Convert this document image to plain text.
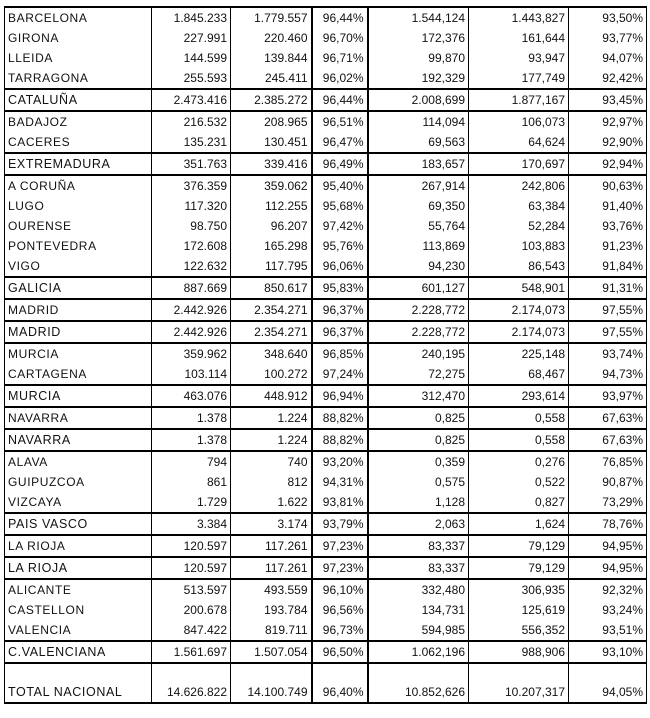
BARCELONA	1.845.233	1.779.557	96,44%	1.544,124	1.443,827	93,50%
GIRONA	227.991	220.460	96,70%	172,376	161,644	93,77%
LLEIDA	144.599	139.844	96,71%	99,870	93,947	94,07%
TARRAGONA	255.593	245.411	96,02%	192,329	177,749	92,42%
CATALUÑA	2.473.416	2.385.272	96,44%	2.008,699	1.877,167	93,45%
BADAJOZ	216.532	208.965	96,51%	114,094	106,073	92,97%
CACERES	135.231	130.451	96,47%	69,563	64,624	92,90%
EXTREMADURA	351.763	339.416	96,49%	183,657	170,697	92,94%
A CORUÑA	376.359	359.062	95,40%	267,914	242,806	90,63%
LUGO	117.320	112.255	95,68%	69,350	63,384	91,40%
OURENSE	98.750	96.207	97,42%	55,764	52,284	93,76%
PONTEVEDRA	172.608	165.298	95,76%	113,869	103,883	91,23%
VIGO	122.632	117.795	96,06%	94,230	86,543	91,84%
GALICIA	887.669	850.617	95,83%	601,127	548,901	91,31%
MADRID	2.442.926	2.354.271	96,37%	2.228,772	2.174,073	97,55%
MADRID	2.442.926	2.354.271	96,37%	2.228,772	2.174,073	97,55%
MURCIA	359.962	348.640	96,85%	240,195	225,148	93,74%
CARTAGENA	103.114	100.272	97,24%	72,275	68,467	94,73%
MURCIA	463.076	448.912	96,94%	312,470	293,614	93,97%
NAVARRA	1.378	1.224	88,82%	0,825	0,558	67,63%
NAVARRA	1.378	1.224	88,82%	0,825	0,558	67,63%
ALAVA	794	740	93,20%	0,359	0,276	76,85%
GUIPUZCOA	861	812	94,31%	0,575	0,522	90,87%
VIZCAYA	1.729	1.622	93,81%	1,128	0,827	73,29%
PAIS VASCO	3.384	3.174	93,79%	2,063	1,624	78,76%
LA RIOJA	120.597	117.261	97,23%	83,337	79,129	94,95%
LA RIOJA	120.597	117.261	97,23%	83,337	79,129	94,95%
ALICANTE	513.597	493.559	96,10%	332,480	306,935	92,32%
CASTELLON	200.678	193.784	96,56%	134,731	125,619	93,24%
VALENCIA	847.422	819.711	96,73%	594,985	556,352	93,51%
C.VALENCIANA	1.561.697	1.507.054	96,50%	1.062,196	988,906	93,10%
TOTAL NACIONAL	14.626.822	14.100.749	96,40%	10.852,626	10.207,317	94,05%
